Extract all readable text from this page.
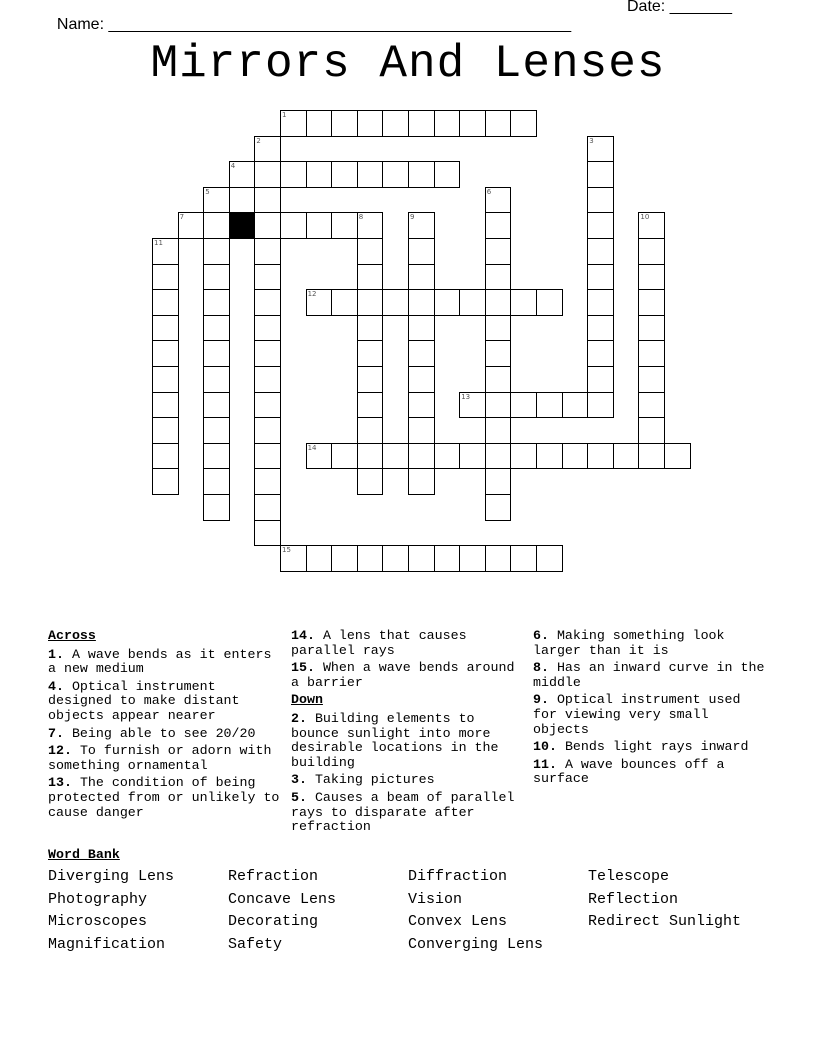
Name: ____________________________________________________

Date: _______

Mirrors And Lenses
1
4
7
12
13
14
15
2	3
5	6
8	9	10
11
Across
1. A wave bends as it enters a new medium
4. Optical instrument designed to make distant objects appear nearer
7. Being able to see 20/20
12. To furnish or adorn with something ornamental
13. The condition of being protected from or unlikely to cause danger
14. A lens that causes parallel rays
15. When a wave bends around a barrier
Down
2. Building elements to bounce sunlight into more desirable locations in the building
3. Taking pictures
5. Causes a beam of parallel rays to disparate after refraction
6. Making something look larger than it is
8. Has an inward curve in the middle
9. Optical instrument used for viewing very small objects
10. Bends light rays inward
11. A wave bounces off a surface
Word Bank
Diverging Lens	Refraction	Diffraction	Telescope
Photography	Concave Lens	Vision	Reflection
Microscopes	Decorating	Convex Lens	Redirect Sunlight
Magnification	Safety	Converging Lens
